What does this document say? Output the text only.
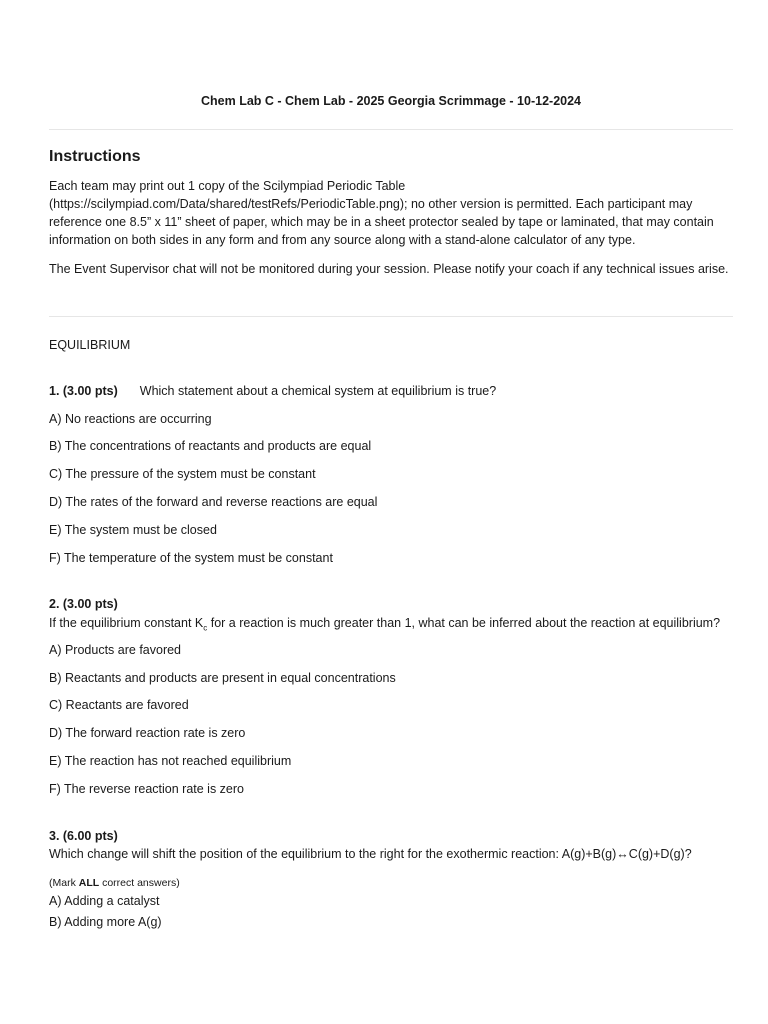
Chem Lab C - Chem Lab - 2025 Georgia Scrimmage - 10-12-2024
Instructions

Each team may print out 1 copy of the Scilympiad Periodic Table (https://scilympiad.com/Data/shared/testRefs/PeriodicTable.png); no other version is permitted. Each participant may reference one 8.5” x 11” sheet of paper, which may be in a sheet protector sealed by tape or laminated, that may contain information on both sides in any form and from any source along with a stand-alone calculator of any type.

The Event Supervisor chat will not be monitored during your session. Please notify your coach if any technical issues arise.

EQUILIBRIUM
1. (3.00 pts) Which statement about a chemical system at equilibrium is true?
A) No reactions are occurring
B) The concentrations of reactants and products are equal
C) The pressure of the system must be constant
D) The rates of the forward and reverse reactions are equal
E) The system must be closed
F) The temperature of the system must be constant
2. (3.00 pts)
If the equilibrium constant $K_c$ for a reaction is much greater than 1, what can be inferred about the reaction at equilibrium?
A) Products are favored
B) Reactants and products are present in equal concentrations
C) Reactants are favored
D) The forward reaction rate is zero
E) The reaction has not reached equilibrium
F) The reverse reaction rate is zero
3. (6.00 pts)
Which change will shift the position of the equilibrium to the right for the exothermic reaction: A(g)+B(g)↔C(g)+D(g)?
(Mark ALL correct answers)
A) Adding a catalyst
B) Adding more A(g)
